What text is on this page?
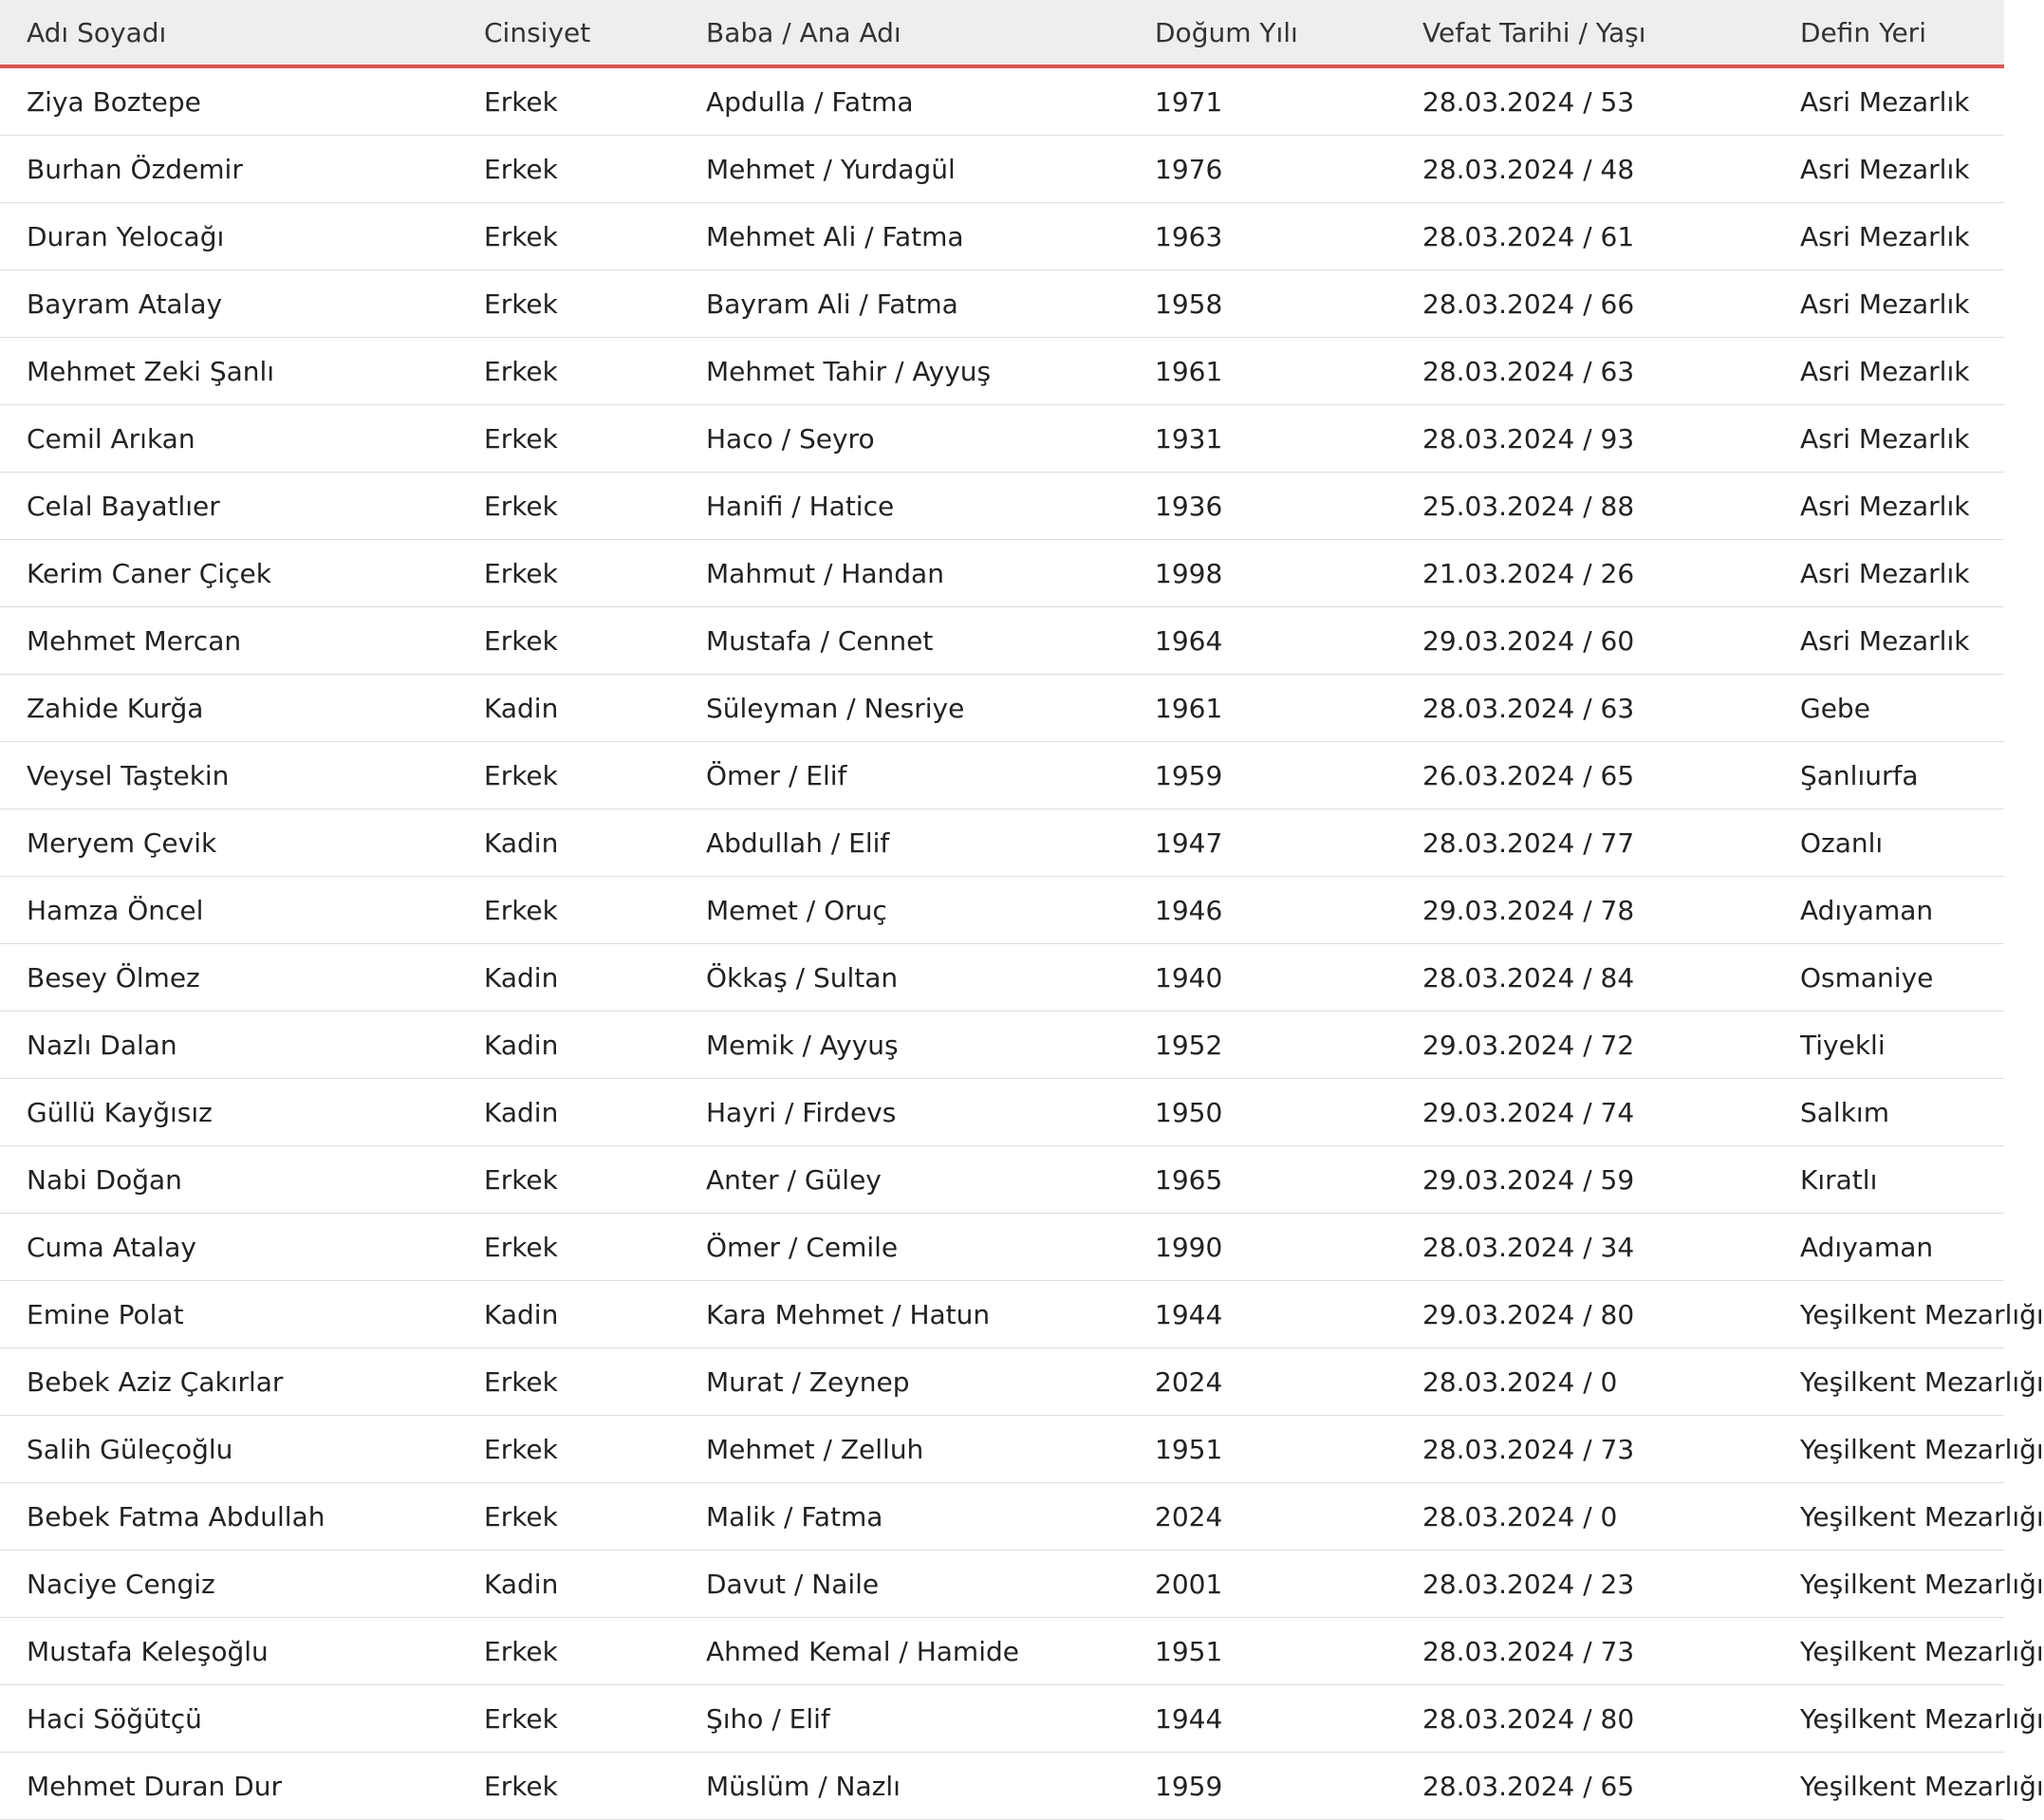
Adı Soyadı	Cinsiyet	Baba / Ana Adı	Doğum Yılı	Vefat Tarihi / Yaşı	Defin Yeri
Ziya Boztepe	Erkek	Apdulla / Fatma	1971	28.03.2024 / 53	Asri Mezarlık
Burhan Özdemir	Erkek	Mehmet / Yurdagül	1976	28.03.2024 / 48	Asri Mezarlık
Duran Yelocağı	Erkek	Mehmet Ali / Fatma	1963	28.03.2024 / 61	Asri Mezarlık
Bayram Atalay	Erkek	Bayram Ali / Fatma	1958	28.03.2024 / 66	Asri Mezarlık
Mehmet Zeki Şanlı	Erkek	Mehmet Tahir / Ayyuş	1961	28.03.2024 / 63	Asri Mezarlık
Cemil Arıkan	Erkek	Haco / Seyro	1931	28.03.2024 / 93	Asri Mezarlık
Celal Bayatlıer	Erkek	Hanifi / Hatice	1936	25.03.2024 / 88	Asri Mezarlık
Kerim Caner Çiçek	Erkek	Mahmut / Handan	1998	21.03.2024 / 26	Asri Mezarlık
Mehmet Mercan	Erkek	Mustafa / Cennet	1964	29.03.2024 / 60	Asri Mezarlık
Zahide Kurğa	Kadin	Süleyman / Nesriye	1961	28.03.2024 / 63	Gebe
Veysel Taştekin	Erkek	Ömer / Elif	1959	26.03.2024 / 65	Şanlıurfa
Meryem Çevik	Kadin	Abdullah / Elif	1947	28.03.2024 / 77	Ozanlı
Hamza Öncel	Erkek	Memet / Oruç	1946	29.03.2024 / 78	Adıyaman
Besey Ölmez	Kadin	Ökkaş / Sultan	1940	28.03.2024 / 84	Osmaniye
Nazlı Dalan	Kadin	Memik / Ayyuş	1952	29.03.2024 / 72	Tiyekli
Güllü Kayğısız	Kadin	Hayri / Firdevs	1950	29.03.2024 / 74	Salkım
Nabi Doğan	Erkek	Anter / Güley	1965	29.03.2024 / 59	Kıratlı
Cuma Atalay	Erkek	Ömer / Cemile	1990	28.03.2024 / 34	Adıyaman
Emine Polat	Kadin	Kara Mehmet / Hatun	1944	29.03.2024 / 80	Yeşilkent Mezarlığı
Bebek Aziz Çakırlar	Erkek	Murat / Zeynep	2024	28.03.2024 / 0	Yeşilkent Mezarlığı
Salih Güleçoğlu	Erkek	Mehmet / Zelluh	1951	28.03.2024 / 73	Yeşilkent Mezarlığı
Bebek Fatma Abdullah	Erkek	Malik / Fatma	2024	28.03.2024 / 0	Yeşilkent Mezarlığı
Naciye Cengiz	Kadin	Davut / Naile	2001	28.03.2024 / 23	Yeşilkent Mezarlığı
Mustafa Keleşoğlu	Erkek	Ahmed Kemal / Hamide	1951	28.03.2024 / 73	Yeşilkent Mezarlığı
Haci Söğütçü	Erkek	Şıho / Elif	1944	28.03.2024 / 80	Yeşilkent Mezarlığı
Mehmet Duran Dur	Erkek	Müslüm / Nazlı	1959	28.03.2024 / 65	Yeşilkent Mezarlığı
